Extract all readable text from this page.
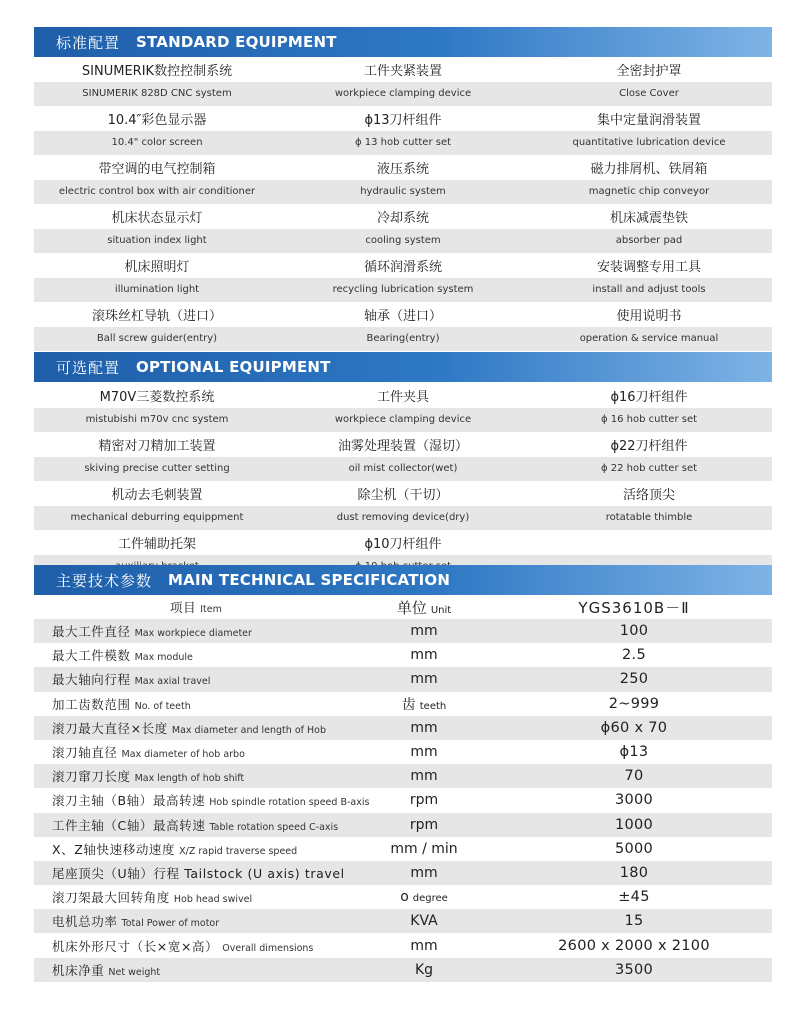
标准配置 STANDARD EQUIPMENT
SINUMERIK数控控制系统	工件夹紧装置	全密封护罩
SINUMERIK 828D CNC system	workpiece clamping device	Close Cover
10.4″彩色显示器	ϕ13刀杆组件	集中定量润滑装置
10.4" color screen	ϕ 13 hob cutter set	quantitative lubrication device
带空调的电气控制箱	液压系统	磁力排屑机、铁屑箱
electric control box with air conditioner	hydraulic system	magnetic chip conveyor
机床状态显示灯	冷却系统	机床减震垫铁
situation index light	cooling system	absorber pad
机床照明灯	循环润滑系统	安装调整专用工具
illumination light	recycling lubrication system	install and adjust tools
滚珠丝杠导轨（进口）	轴承（进口）	使用说明书
Ball screw guider(entry)	Bearing(entry)	operation & service manual
可选配置 OPTIONAL EQUIPMENT
M70V三菱数控系统	工件夹具	ϕ16刀杆组件
mistubishi m70v cnc system	workpiece clamping device	ϕ 16 hob cutter set
精密对刀精加工装置	油雾处理装置（湿切）	ϕ22刀杆组件
skiving precise cutter setting	oil mist collector(wet)	ϕ 22 hob cutter set
机动去毛刺装置	除尘机（干切）	活络顶尖
mechanical deburring equippment	dust removing device(dry)	rotatable thimble
工件辅助托架	ϕ10刀杆组件
主要技术参数 MAIN TECHNICAL SPECIFICATION
项目 Item	单位 Unit	YGS3610B－Ⅱ
最大工件直径 Max workpiece diameter	mm	100
最大工件模数 Max module	mm	2.5
最大轴向行程 Max axial travel	mm	250
加工齿数范围 No. of teeth	齿 teeth	2~999
滚刀最大直径×长度 Max diameter and length of Hob	mm	ϕ60 x 70
滚刀轴直径 Max diameter of hob arbo	mm	ϕ13
滚刀窜刀长度 Max length of hob shift	mm	70
滚刀主轴（B轴）最高转速 Hob spindle rotation speed B-axis	rpm	3000
工件主轴（C轴）最高转速 Table rotation speed C-axis	rpm	1000
X、Z轴快速移动速度 X/Z rapid traverse speed	mm / min	5000
尾座顶尖（U轴）行程 Tailstock (U axis) travel	mm	180
滚刀架最大回转角度 Hob head swivel	o degree	±45
电机总功率 Total Power of motor	KVA	15
机床外形尺寸（长×宽×高） Overall dimensions	mm	2600 x 2000 x 2100
机床净重 Net weight	Kg	3500
